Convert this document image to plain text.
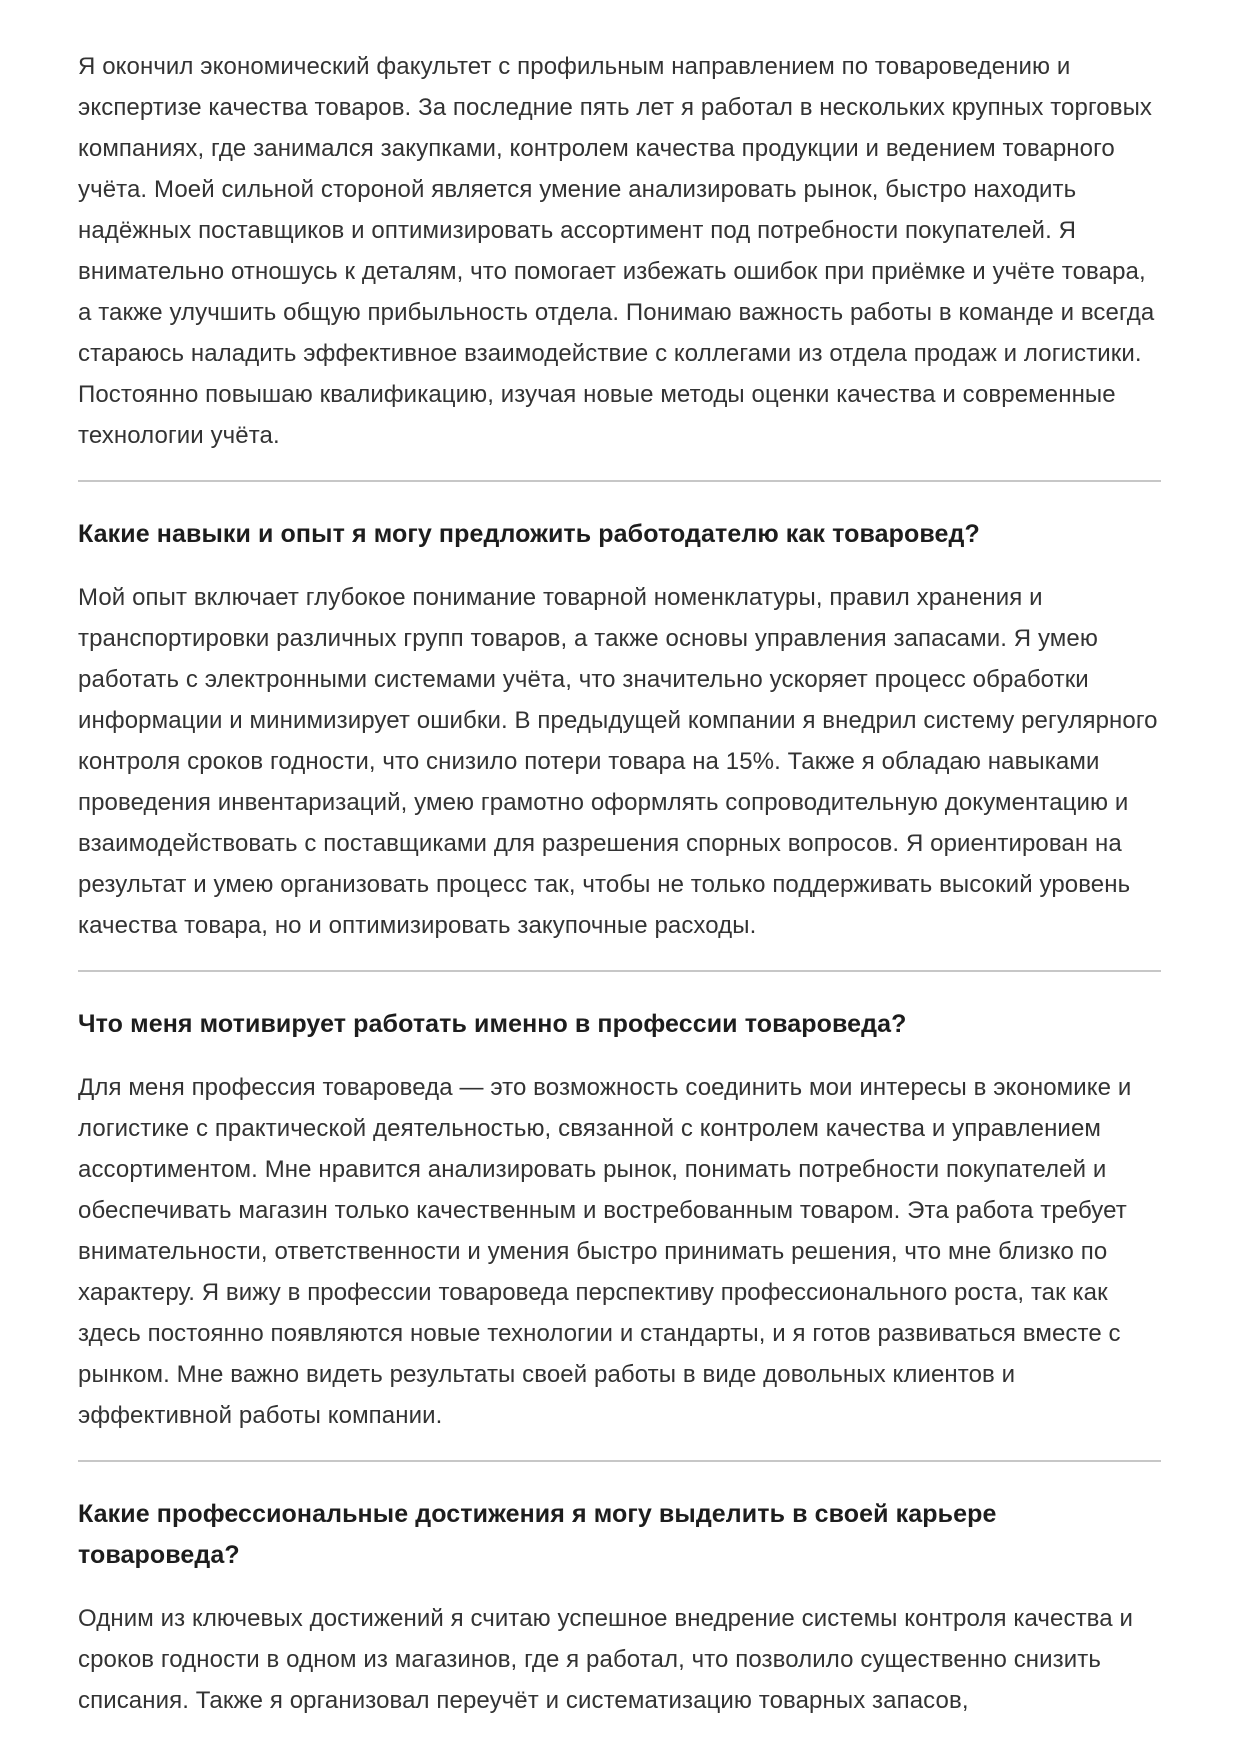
Я окончил экономический факультет с профильным направлением по товароведению и экспертизе качества товаров. За последние пять лет я работал в нескольких крупных торговых компаниях, где занимался закупками, контролем качества продукции и ведением товарного учёта. Моей сильной стороной является умение анализировать рынок, быстро находить надёжных поставщиков и оптимизировать ассортимент под потребности покупателей. Я внимательно отношусь к деталям, что помогает избежать ошибок при приёмке и учёте товара, а также улучшить общую прибыльность отдела. Понимаю важность работы в команде и всегда стараюсь наладить эффективное взаимодействие с коллегами из отдела продаж и логистики. Постоянно повышаю квалификацию, изучая новые методы оценки качества и современные технологии учёта.

Какие навыки и опыт я могу предложить работодателю как товаровед?

Мой опыт включает глубокое понимание товарной номенклатуры, правил хранения и транспортировки различных групп товаров, а также основы управления запасами. Я умею работать с электронными системами учёта, что значительно ускоряет процесс обработки информации и минимизирует ошибки. В предыдущей компании я внедрил систему регулярного контроля сроков годности, что снизило потери товара на 15%. Также я обладаю навыками проведения инвентаризаций, умею грамотно оформлять сопроводительную документацию и взаимодействовать с поставщиками для разрешения спорных вопросов. Я ориентирован на результат и умею организовать процесс так, чтобы не только поддерживать высокий уровень качества товара, но и оптимизировать закупочные расходы.

Что меня мотивирует работать именно в профессии товароведа?

Для меня профессия товароведа — это возможность соединить мои интересы в экономике и логистике с практической деятельностью, связанной с контролем качества и управлением ассортиментом. Мне нравится анализировать рынок, понимать потребности покупателей и обеспечивать магазин только качественным и востребованным товаром. Эта работа требует внимательности, ответственности и умения быстро принимать решения, что мне близко по характеру. Я вижу в профессии товароведа перспективу профессионального роста, так как здесь постоянно появляются новые технологии и стандарты, и я готов развиваться вместе с рынком. Мне важно видеть результаты своей работы в виде довольных клиентов и эффективной работы компании.

Какие профессиональные достижения я могу выделить в своей карьере товароведа?

Одним из ключевых достижений я считаю успешное внедрение системы контроля качества и сроков годности в одном из магазинов, где я работал, что позволило существенно снизить списания. Также я организовал переучёт и систематизацию товарных запасов,
